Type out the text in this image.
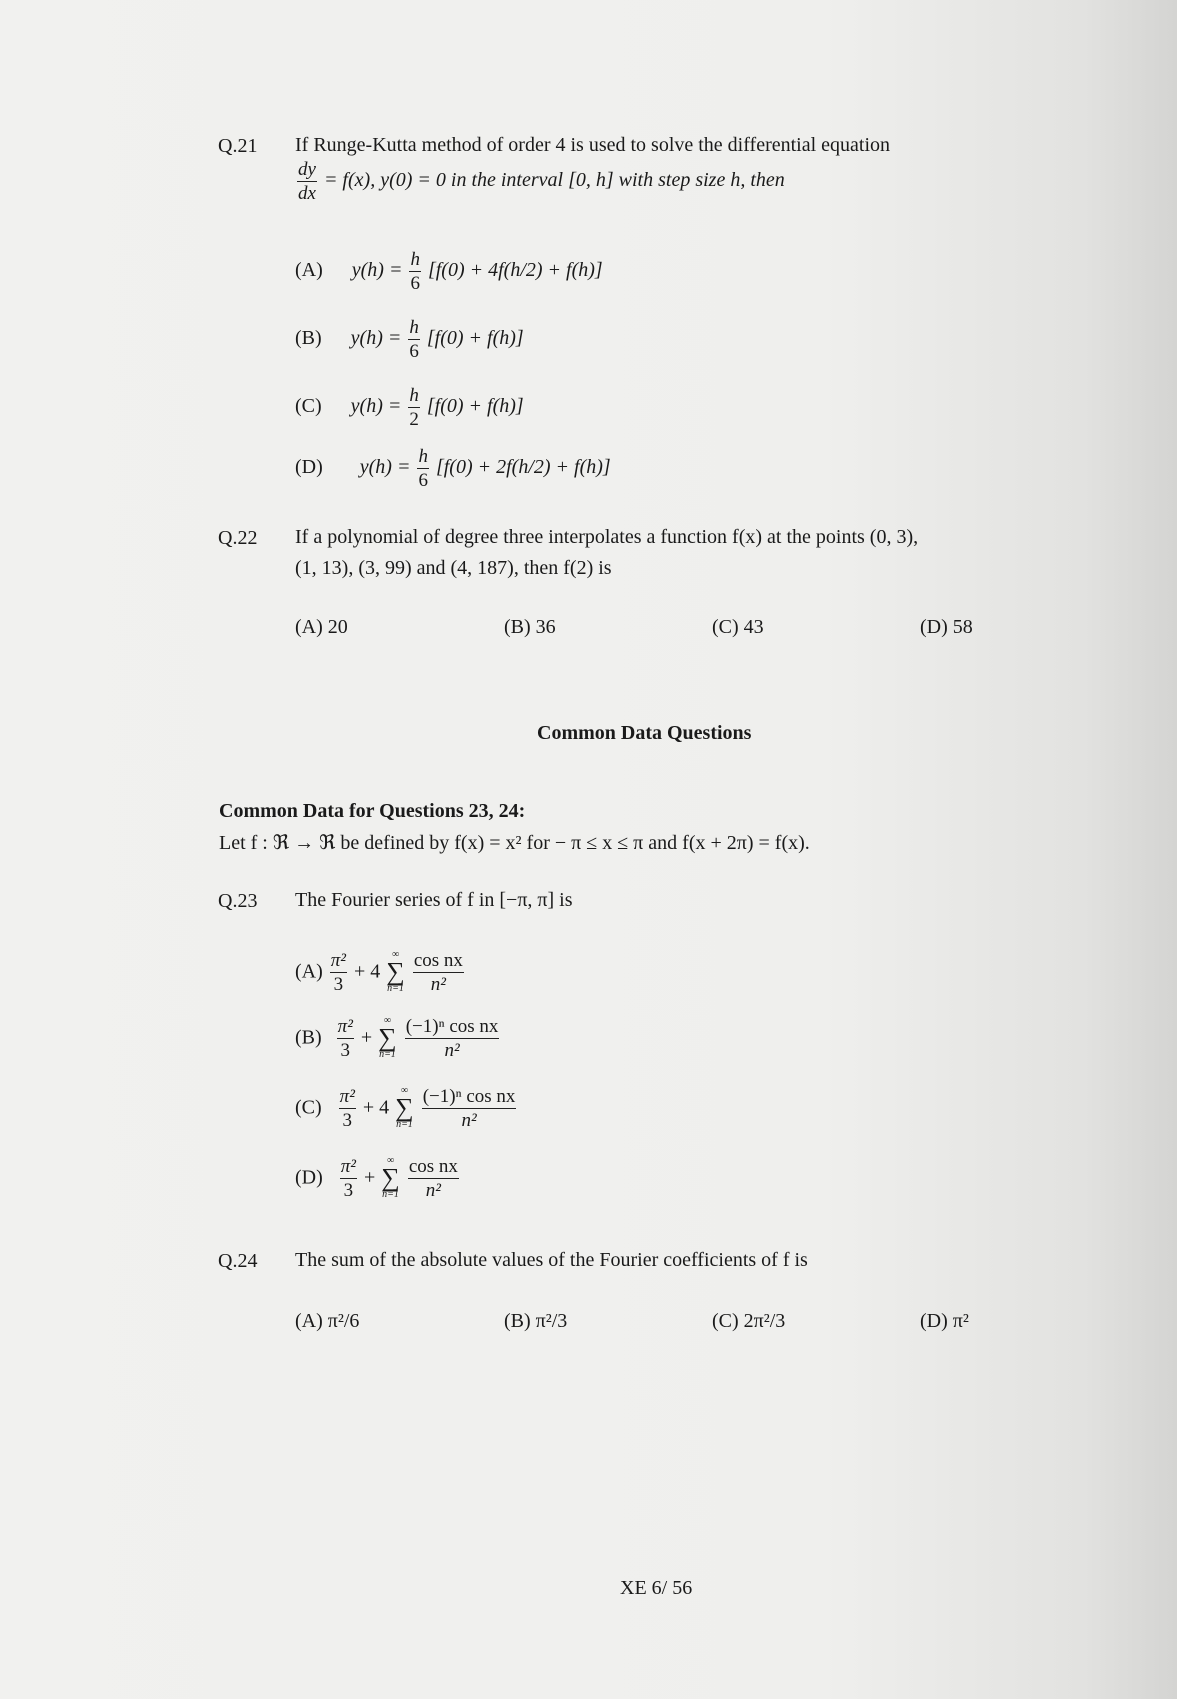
Q.21 If Runge-Kutta method of order 4 is used to solve the differential equation
$\frac{dy}{dx} = f(x)$, y(0) = 0 in the interval [0, h] with step size h, then
(A) $y(h) = \frac{h}{6} [f(0) + 4f(h/2) + f(h)]$
(B) $y(h) = \frac{h}{6} [f(0) + f(h)]$
(C) $y(h) = \frac{h}{2} [f(0) + f(h)]$
(D) $y(h) = \frac{h}{6} [f(0) + 2f(h/2) + f(h)]$
Q.22 If a polynomial of degree three interpolates a function f(x) at the points (0, 3),
(1, 13), (3, 99) and (4, 187), then f(2) is
(A) 20	(B) 36	(C) 43	(D) 58
Common Data Questions
Common Data for Questions 23, 24:
Let f : ℜ → ℜ be defined by f(x) = x² for − π ≤ x ≤ π and f(x + 2π) = f(x).
Q.23 The Fourier series of f in [−π, π] is
$(A) \frac{\text{π²}}{3} + 4$
∞
∑
n=1
$\frac{\text{cos nx}}{\text{n²}}$
$(B) \frac{\text{π²}}{3}$ +
∞
∑
n=1
$\frac{\text{(−1)ⁿ cos nx}}{\text{n²}}$
$(C) \frac{\text{π²}}{3} + 4$
∞
∑
n=1
$\frac{\text{(−1)ⁿ cos nx}}{\text{n²}}$
$(D) \frac{\text{π²}}{3}$ +
∞
∑
n=1
$\frac{\text{cos nx}}{\text{n²}}$
Q.24 The sum of the absolute values of the Fourier coefficients of f is
(A) π²/6	(B) π²/3	(C) 2π²/3	(D) π²
XE 6/ 56
